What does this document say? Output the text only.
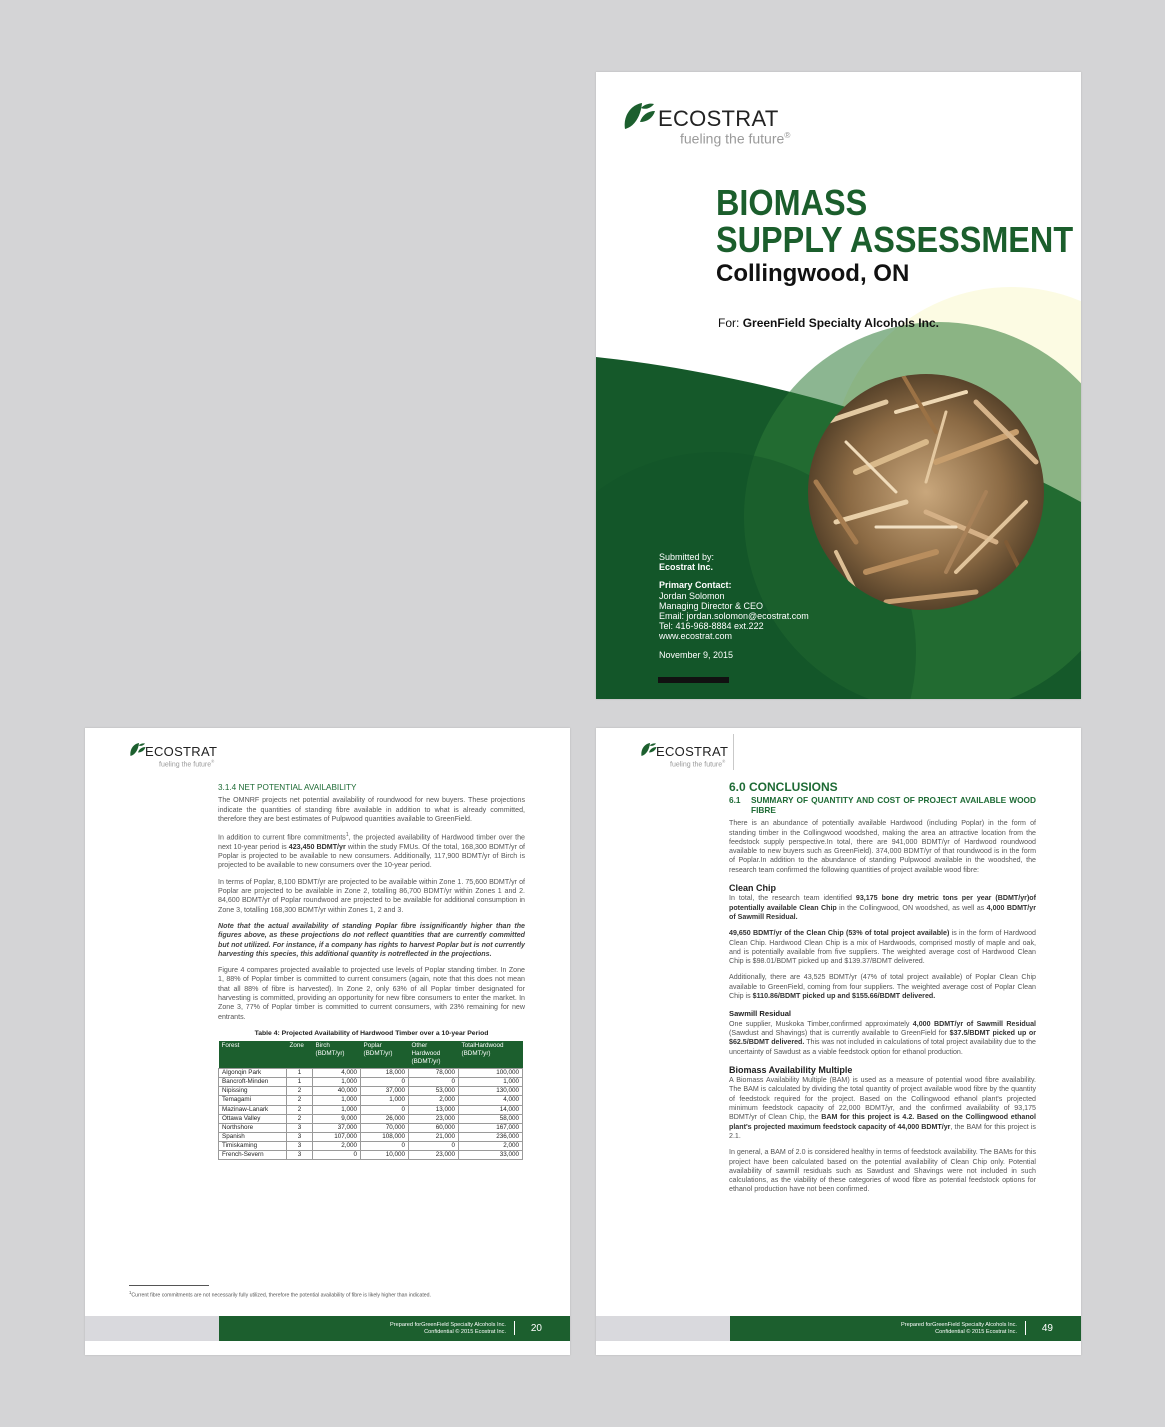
ECOSTRAT
fueling the future®
BIOMASS
SUPPLY ASSESSMENT
Collingwood, ON
For: GreenField Specialty Alcohols Inc.

Submitted by:

Ecostrat Inc.

Primary Contact:

Jordan Solomon

Managing Director & CEO

Email: jordan.solomon@ecostrat.com

Tel: 416-968-8884 ext.222

www.ecostrat.com

November 9, 2015

ECOSTRAT
fueling the future®
3.1.4 NET POTENTIAL AVAILABILITY

The OMNRF projects net potential availability of roundwood for new buyers. These projections indicate the quantities of standing fibre available in addition to what is already committed, therefore they are best estimates of Pulpwood quantities available to GreenField.

In addition to current fibre commitments$^1$, the projected availability of Hardwood timber over the next 10-year period is 423,450 BDMT/yr within the study FMUs. Of the total, 168,300 BDMT/yr of Poplar is projected to be available to new consumers. Additionally, 117,900 BDMT/yr of Birch is projected to be available to new consumers over the 10-year period.

In terms of Poplar, 8,100 BDMT/yr are projected to be available within Zone 1. 75,600 BDMT/yr of Poplar are projected to be available in Zone 2, totalling 86,700 BDMT/yr within Zones 1 and 2. 84,600 BDMT/yr of Poplar roundwood are projected to be available for additional consumption in Zone 3, totalling 168,300 BDMT/yr within Zones 1, 2 and 3.

Note that the actual availability of standing Poplar fibre issignificantly higher than the figures above, as these projections do not reflect quantities that are currently committed but not utilized. For instance, if a company has rights to harvest Poplar but is not currently harvesting this species, this additional quantity is notreflected in the projections.

Figure 4 compares projected available to projected use levels of Poplar standing timber. In Zone 1, 88% of Poplar timber is committed to current consumers (again, note that this does not mean that all 88% of fibre is harvested). In Zone 2, only 63% of all Poplar timber designated for harvesting is committed, providing an opportunity for new fibre consumers to enter the market. In Zone 3, 77% of Poplar timber is committed to current consumers, with 23% remaining for new entrants.

Table 4: Projected Availability of Hardwood Timber over a 10-year Period
Forest	Zone	Birch (BDMT/yr)	Poplar (BDMT/yr)	Other Hardwood (BDMT/yr)	TotalHardwood (BDMT/yr)

Algonqin Park	1	4,000	18,000	78,000	100,000
Bancroft-Minden	1	1,000	0	0	1,000
Nipissing	2	40,000	37,000	53,000	130,000
Temagami	2	1,000	1,000	2,000	4,000
Mazinaw-Lanark	2	1,000	0	13,000	14,000
Ottawa Valley	2	9,000	26,000	23,000	58,000
Northshore	3	37,000	70,000	60,000	167,000
Spanish	3	107,000	108,000	21,000	236,000
Timiskaming	3	2,000	0	0	2,000
French-Severn	3	0	10,000	23,000	33,000
$^1$Current fibre commitments are not necessarily fully utilized, therefore the potential availability of fibre is likely higher than indicated.
Prepared forGreenField Specialty Alcohols Inc.
Confidential © 2015 Ecostrat Inc. 20
ECOSTRAT
fueling the future®
6.0 CONCLUSIONS
6.1	SUMMARY OF QUANTITY AND COST OF PROJECT AVAILABLE WOOD FIBRE

There is an abundance of potentially available Hardwood (including Poplar) in the form of standing timber in the Collingwood woodshed, making the area an attractive location from the feedstock supply perspective.In total, there are 941,000 BDMT/yr of Hardwood roundwood available to new buyers such as GreenField). 374,000 BDMT/yr of that roundwood is in the form of Poplar.In addition to the abundance of standing Pulpwood available in the woodshed, the research team confirmed the following quantities of project available wood fibre:

Clean Chip

In total, the research team identified 93,175 bone dry metric tons per year (BDMT/yr)of potentially available Clean Chip in the Collingwood, ON woodshed, as well as 4,000 BDMT/yr of Sawmill Residual.

49,650 BDMT/yr of the Clean Chip (53% of total project available) is in the form of Hardwood Clean Chip. Hardwood Clean Chip is a mix of Hardwoods, comprised mostly of maple and oak, and is potentially available from five suppliers. The weighted average cost of Hardwood Clean Chip is $98.01/BDMT picked up and $139.37/BDMT delivered.

Additionally, there are 43,525 BDMT/yr (47% of total project available) of Poplar Clean Chip available to GreenField, coming from four suppliers. The weighted average cost of Poplar Clean Chip is $110.86/BDMT picked up and $155.66/BDMT delivered.

Sawmill Residual

One supplier, Muskoka Timber,confirmed approximately 4,000 BDMT/yr of Sawmill Residual (Sawdust and Shavings) that is currently available to GreenField for $37.5/BDMT picked up or $62.5/BDMT delivered. This was not included in calculations of total project availability due to the uncertainty of Sawdust as a viable feedstock option for ethanol production.

Biomass Availability Multiple

A Biomass Availability Multiple (BAM) is used as a measure of potential wood fibre availability. The BAM is calculated by dividing the total quantity of project available wood fibre by the quantity of feedstock required for the project. Based on the Collingwood ethanol plant's projected minimum feedstock capacity of 22,000 BDMT/yr, and the confirmed availability of 93,175 BDMT/yr of Clean Chip, the BAM for this project is 4.2. Based on the Collingwood ethanol plant's projected maximum feedstock capacity of 44,000 BDMT/yr, the BAM for this project is 2.1.

In general, a BAM of 2.0 is considered healthy in terms of feedstock availability. The BAMs for this project have been calculated based on the potential availability of Clean Chip only. Potential availability of sawmill residuals such as Sawdust and Shavings were not included in such calculations, as the viability of these categories of wood fibre as potential feedstock options for ethanol production have not been confirmed.

Prepared forGreenField Specialty Alcohols Inc.
Confidential © 2015 Ecostrat Inc. 49
